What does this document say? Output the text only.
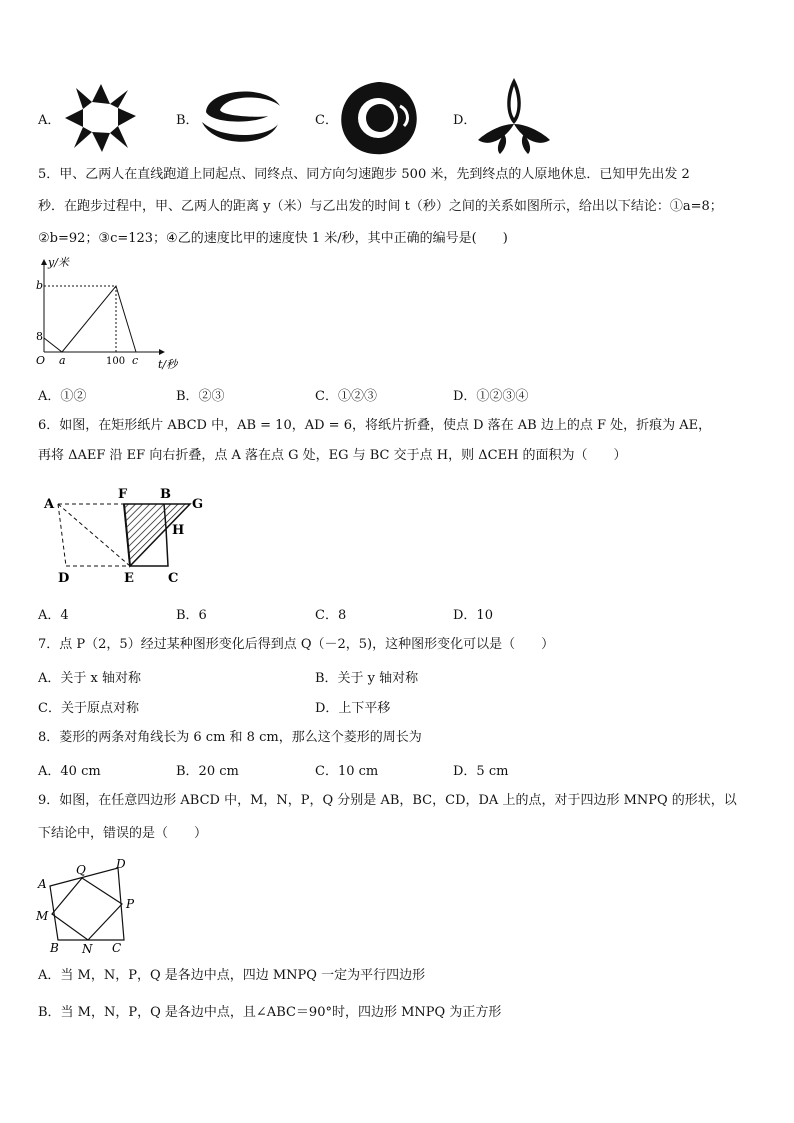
A．	B．	C．	D．
5．甲、乙两人在直线跑道上同起点、同终点、同方向匀速跑步 500 米，先到终点的人原地休息．已知甲先出发 2
秒．在跑步过程中，甲、乙两人的距离 y（米）与乙出发的时间 t（秒）之间的关系如图所示，给出以下结论：①a=8；
②b=92；③c=123；④乙的速度比甲的速度快 1 米/秒，其中正确的编号是(　　)
y/米
t/秒
O
b
8
a	100 c
A．①②	B．②③	C．①②③	D．①②③④
6．如图，在矩形纸片 ABCD 中，AB = 10，AD = 6，将纸片折叠，使点 D 落在 AB 边上的点 F 处，折痕为 AE，
再将 ΔAEF 沿 EF 向右折叠，点 A 落在点 G 处，EG 与 BC 交于点 H，则 ΔCEH 的面积为（　　）
A
F	B
G
H
D	E	C
A．4	B．6	C．8	D．10
7．点 P（2，5）经过某种图形变化后得到点 Q（－2，5)，这种图形变化可以是（　　）
A．关于 x 轴对称	B．关于 y 轴对称
C．关于原点对称	D．上下平移
8．菱形的两条对角线长为 6 cm 和 8 cm，那么这个菱形的周长为
A．40 cm	B．20 cm	C．10 cm	D．5 cm
9．如图，在任意四边形 ABCD 中，M，N，P，Q 分别是 AB，BC，CD，DA 上的点，对于四边形 MNPQ 的形状，以
下结论中，错误的是（　　）
A
Q	D
M
P
B N C
A．当 M，N，P，Q 是各边中点，四边 MNPQ 一定为平行四边形
B．当 M，N，P，Q 是各边中点，且∠ABC＝90°时，四边形 MNPQ 为正方形
